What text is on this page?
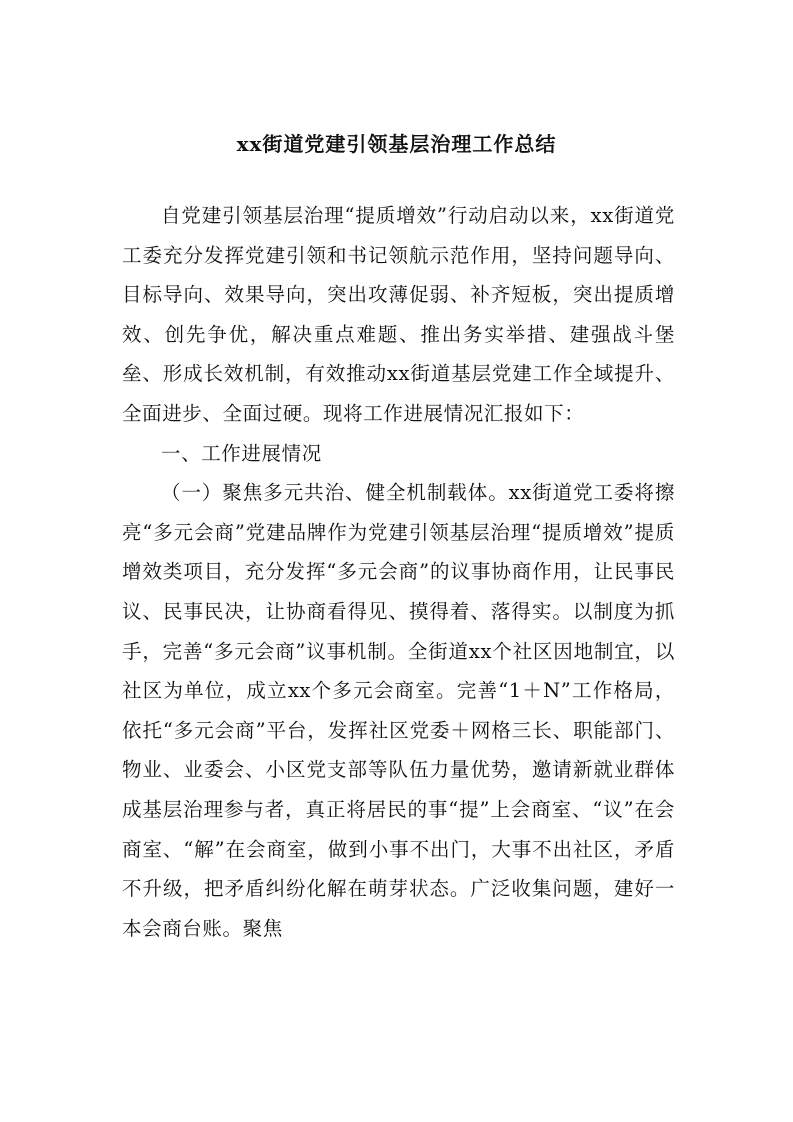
xx街道党建引领基层治理工作总结

自党建引领基层治理“提质增效”行动启动以来，xx街道党工委充分发挥党建引领和书记领航示范作用，坚持问题导向、目标导向、效果导向，突出攻薄促弱、补齐短板，突出提质增效、创先争优，解决重点难题、推出务实举措、建强战斗堡垒、形成长效机制，有效推动xx街道基层党建工作全域提升、全面进步、全面过硬。现将工作进展情况汇报如下：

一、工作进展情况

（一）聚焦多元共治、健全机制载体。xx街道党工委将擦亮“多元会商”党建品牌作为党建引领基层治理“提质增效”提质增效类项目，充分发挥“多元会商”的议事协商作用，让民事民议、民事民决，让协商看得见、摸得着、落得实。以制度为抓手，完善“多元会商”议事机制。全街道xx个社区因地制宜，以社区为单位，成立xx个多元会商室。完善“1＋N”工作格局，依托“多元会商”平台，发挥社区党委＋网格三长、职能部门、物业、业委会、小区党支部等队伍力量优势，邀请新就业群体成基层治理参与者，真正将居民的事“提”上会商室、“议”在会商室、“解”在会商室，做到小事不出门，大事不出社区，矛盾不升级，把矛盾纠纷化解在萌芽状态。广泛收集问题，建好一本会商台账。聚焦
